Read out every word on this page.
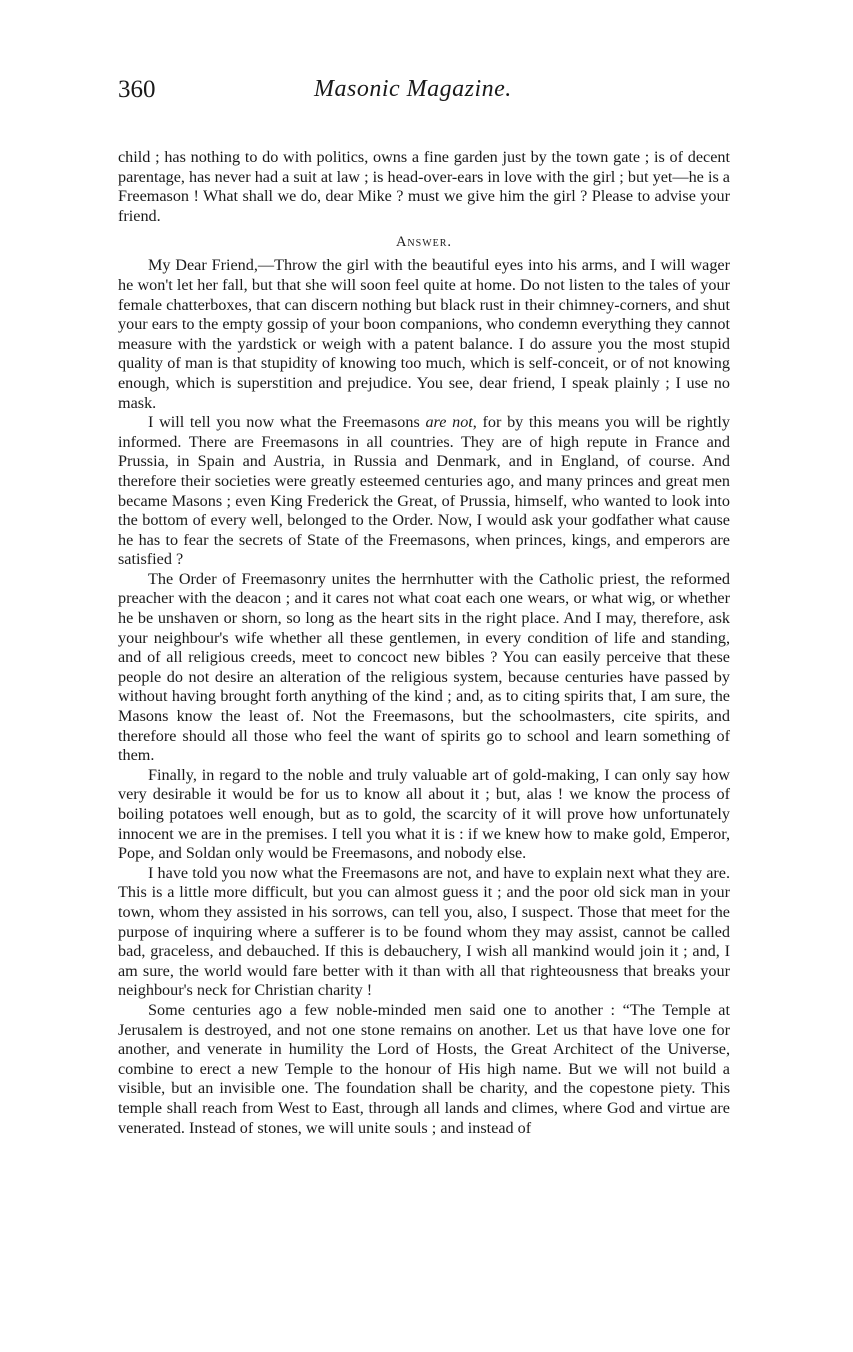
360	Masonic Magazine.

child ; has nothing to do with politics, owns a fine garden just by the town gate ; is of decent parentage, has never had a suit at law ; is head-over-ears in love with the girl ; but yet—he is a Freemason ! What shall we do, dear Mike ? must we give him the girl ? Please to advise your friend.

Answer.

My Dear Friend,—Throw the girl with the beautiful eyes into his arms, and I will wager he won't let her fall, but that she will soon feel quite at home. Do not listen to the tales of your female chatterboxes, that can discern nothing but black rust in their chimney-corners, and shut your ears to the empty gossip of your boon companions, who condemn everything they cannot measure with the yardstick or weigh with a patent balance. I do assure you the most stupid quality of man is that stupidity of knowing too much, which is self-conceit, or of not knowing enough, which is superstition and prejudice. You see, dear friend, I speak plainly ; I use no mask.

I will tell you now what the Freemasons are not, for by this means you will be rightly informed. There are Freemasons in all countries. They are of high repute in France and Prussia, in Spain and Austria, in Russia and Denmark, and in England, of course. And therefore their societies were greatly esteemed centuries ago, and many princes and great men became Masons ; even King Frederick the Great, of Prussia, himself, who wanted to look into the bottom of every well, belonged to the Order. Now, I would ask your godfather what cause he has to fear the secrets of State of the Freemasons, when princes, kings, and emperors are satisfied ?

The Order of Freemasonry unites the herrnhutter with the Catholic priest, the reformed preacher with the deacon ; and it cares not what coat each one wears, or what wig, or whether he be unshaven or shorn, so long as the heart sits in the right place. And I may, therefore, ask your neighbour's wife whether all these gentlemen, in every condition of life and standing, and of all religious creeds, meet to concoct new bibles ? You can easily perceive that these people do not desire an alteration of the religious system, because centuries have passed by without having brought forth anything of the kind ; and, as to citing spirits that, I am sure, the Masons know the least of. Not the Freemasons, but the schoolmasters, cite spirits, and therefore should all those who feel the want of spirits go to school and learn something of them.

Finally, in regard to the noble and truly valuable art of gold-making, I can only say how very desirable it would be for us to know all about it ; but, alas ! we know the process of boiling potatoes well enough, but as to gold, the scarcity of it will prove how unfortunately innocent we are in the premises. I tell you what it is : if we knew how to make gold, Emperor, Pope, and Soldan only would be Freemasons, and nobody else.

I have told you now what the Freemasons are not, and have to explain next what they are. This is a little more difficult, but you can almost guess it ; and the poor old sick man in your town, whom they assisted in his sorrows, can tell you, also, I suspect. Those that meet for the purpose of inquiring where a sufferer is to be found whom they may assist, cannot be called bad, graceless, and debauched. If this is debauchery, I wish all mankind would join it ; and, I am sure, the world would fare better with it than with all that righteousness that breaks your neighbour's neck for Christian charity !

Some centuries ago a few noble-minded men said one to another : “The Temple at Jerusalem is destroyed, and not one stone remains on another. Let us that have love one for another, and venerate in humility the Lord of Hosts, the Great Architect of the Universe, combine to erect a new Temple to the honour of His high name. But we will not build a visible, but an invisible one. The foundation shall be charity, and the copestone piety. This temple shall reach from West to East, through all lands and climes, where God and virtue are venerated. Instead of stones, we will unite souls ; and instead of
